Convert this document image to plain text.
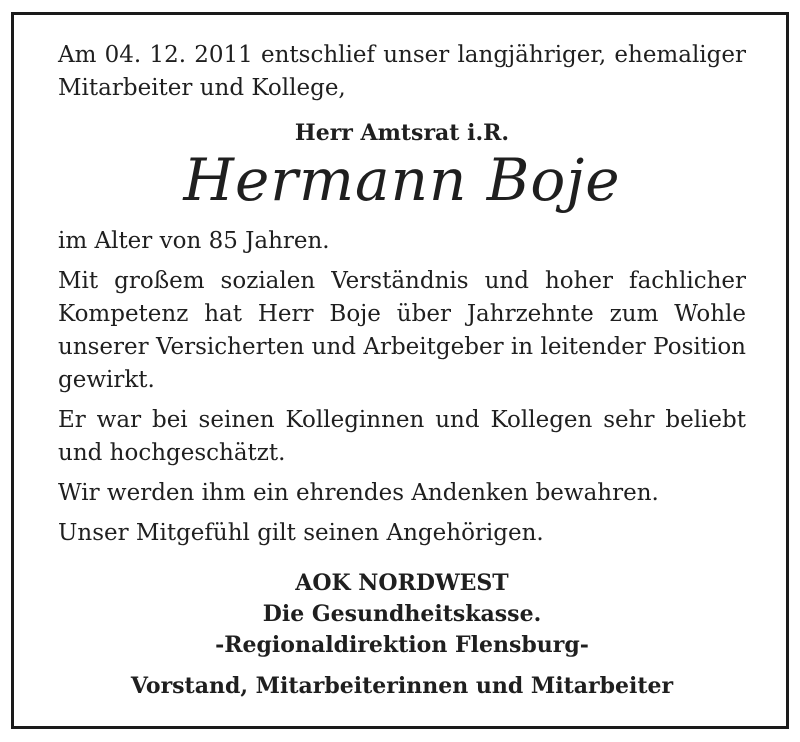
Am 04. 12. 2011 entschlief unser langjähriger, ehemaliger Mitarbeiter und Kollege,

Herr Amtsrat i.R.

Hermann Boje

im Alter von 85 Jahren.

Mit großem sozialen Verständnis und hoher fachlicher Kompetenz hat Herr Boje über Jahrzehnte zum Wohle unserer Versicherten und Arbeitgeber in leitender Position gewirkt.

Er war bei seinen Kolleginnen und Kollegen sehr beliebt und hochgeschätzt.

Wir werden ihm ein ehrendes Andenken bewahren.

Unser Mitgefühl gilt seinen Angehörigen.

AOK NORDWEST

Die Gesundheitskasse.

-Regionaldirektion Flensburg-

Vorstand, Mitarbeiterinnen und Mitarbeiter
